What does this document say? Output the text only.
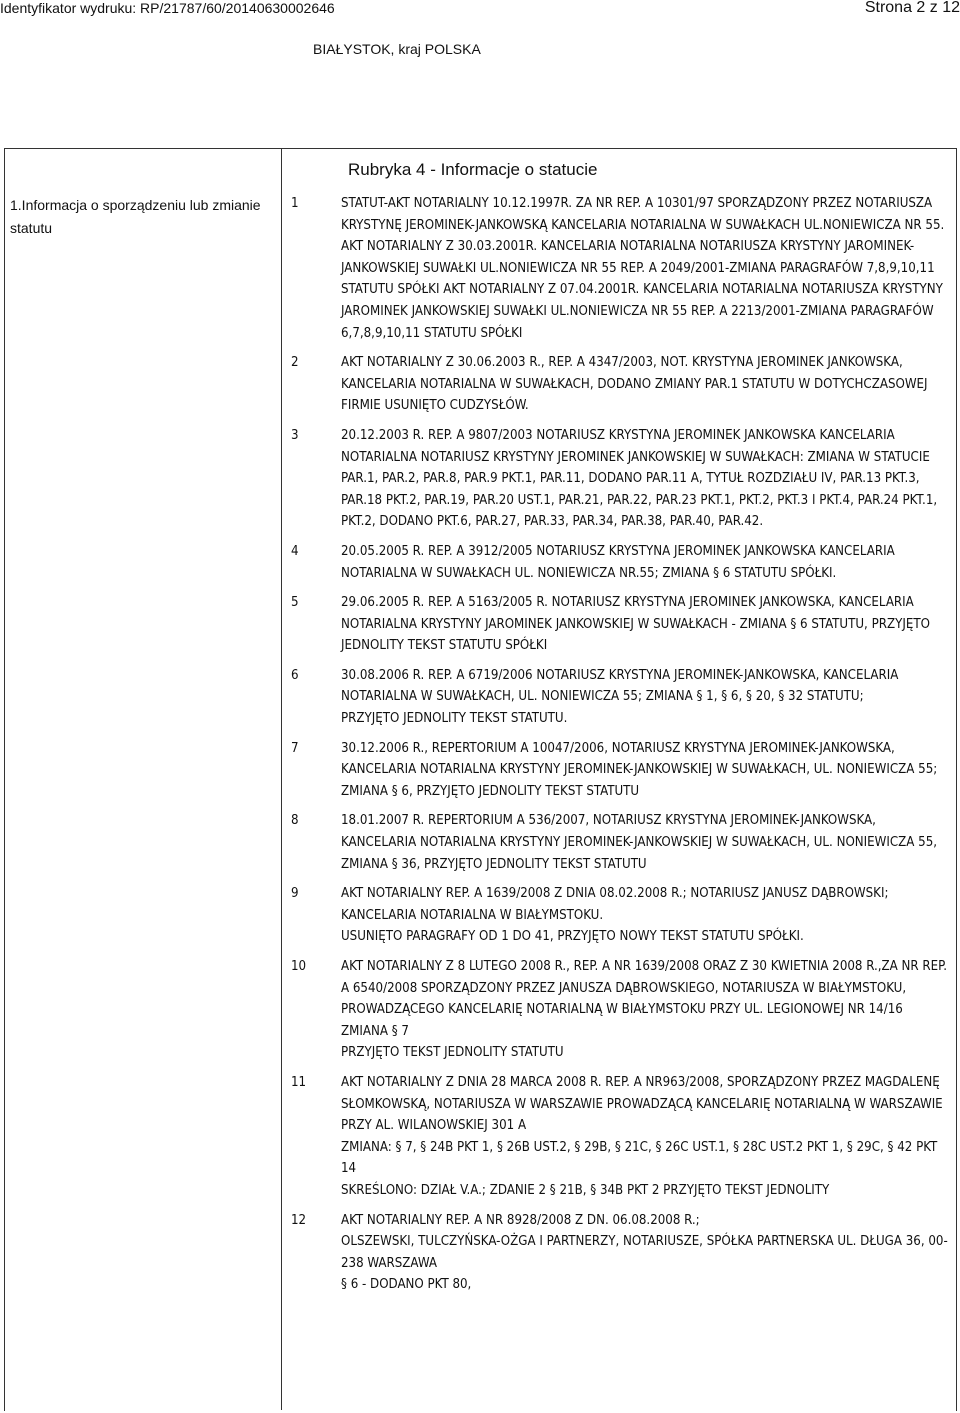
Identyfikator wydruku: RP/21787/60/20140630002646	Strona 2 z 12
BIAŁYSTOK, kraj POLSKA
Rubryka 4 - Informacje o statucie
1.Informacja o sporządzeniu lub zmianie statutu
1	STATUT-AKT NOTARIALNY 10.12.1997R. ZA NR REP. A 10301/97 SPORZĄDZONY PRZEZ NOTARIUSZA KRYSTYNĘ JEROMINEK-JANKOWSKĄ KANCELARIA NOTARIALNA W SUWAŁKACH UL.NONIEWICZA NR 55. AKT NOTARIALNY Z 30.03.2001R. KANCELARIA NOTARIALNA NOTARIUSZA KRYSTYNY JAROMINEK-JANKOWSKIEJ SUWAŁKI UL.NONIEWICZA NR 55 REP. A 2049/2001-ZMIANA PARAGRAFÓW 7,8,9,10,11 STATUTU SPÓŁKI AKT NOTARIALNY Z 07.04.2001R. KANCELARIA NOTARIALNA NOTARIUSZA KRYSTYNY JAROMINEK JANKOWSKIEJ SUWAŁKI UL.NONIEWICZA NR 55 REP. A 2213/2001-ZMIANA PARAGRAFÓW 6,7,8,9,10,11 STATUTU SPÓŁKI

2	AKT NOTARIALNY Z 30.06.2003 R., REP. A 4347/2003, NOT. KRYSTYNA JEROMINEK JANKOWSKA, KANCELARIA NOTARIALNA W SUWAŁKACH, DODANO ZMIANY PAR.1 STATUTU W DOTYCHCZASOWEJ FIRMIE USUNIĘTO CUDZYSŁÓW.

3	20.12.2003 R. REP. A 9807/2003 NOTARIUSZ KRYSTYNA JEROMINEK JANKOWSKA KANCELARIA NOTARIALNA NOTARIUSZ KRYSTYNY JEROMINEK JANKOWSKIEJ W SUWAŁKACH: ZMIANA W STATUCIE PAR.1, PAR.2, PAR.8, PAR.9 PKT.1, PAR.11, DODANO PAR.11 A, TYTUŁ ROZDZIAŁU IV, PAR.13 PKT.3, PAR.18 PKT.2, PAR.19, PAR.20 UST.1, PAR.21, PAR.22, PAR.23 PKT.1, PKT.2, PKT.3 I PKT.4, PAR.24 PKT.1, PKT.2, DODANO PKT.6, PAR.27, PAR.33, PAR.34, PAR.38, PAR.40, PAR.42.

4	20.05.2005 R. REP. A 3912/2005 NOTARIUSZ KRYSTYNA JEROMINEK JANKOWSKA KANCELARIA NOTARIALNA W SUWAŁKACH UL. NONIEWICZA NR.55; ZMIANA § 6 STATUTU SPÓŁKI.

5	29.06.2005 R. REP. A 5163/2005 R. NOTARIUSZ KRYSTYNA JEROMINEK JANKOWSKA, KANCELARIA NOTARIALNA KRYSTYNY JAROMINEK JANKOWSKIEJ W SUWAŁKACH - ZMIANA § 6 STATUTU, PRZYJĘTO JEDNOLITY TEKST STATUTU SPÓŁKI

6	30.08.2006 R. REP. A 6719/2006 NOTARIUSZ KRYSTYNA JEROMINEK-JANKOWSKA, KANCELARIA NOTARIALNA W SUWAŁKACH, UL. NONIEWICZA 55; ZMIANA § 1, § 6, § 20, § 32 STATUTU;

PRZYJĘTO JEDNOLITY TEKST STATUTU.

7	30.12.2006 R., REPERTORIUM A 10047/2006, NOTARIUSZ KRYSTYNA JEROMINEK-JANKOWSKA, KANCELARIA NOTARIALNA KRYSTYNY JEROMINEK-JANKOWSKIEJ W SUWAŁKACH, UL. NONIEWICZA 55; ZMIANA § 6, PRZYJĘTO JEDNOLITY TEKST STATUTU

8	18.01.2007 R. REPERTORIUM A 536/2007, NOTARIUSZ KRYSTYNA JEROMINEK-JANKOWSKA, KANCELARIA NOTARIALNA KRYSTYNY JEROMINEK-JANKOWSKIEJ W SUWAŁKACH, UL. NONIEWICZA 55, ZMIANA § 36, PRZYJĘTO JEDNOLITY TEKST STATUTU

9	AKT NOTARIALNY REP. A 1639/2008 Z DNIA 08.02.2008 R.; NOTARIUSZ JANUSZ DĄBROWSKI; KANCELARIA NOTARIALNA W BIAŁYMSTOKU.

USUNIĘTO PARAGRAFY OD 1 DO 41, PRZYJĘTO NOWY TEKST STATUTU SPÓŁKI.

10	AKT NOTARIALNY Z 8 LUTEGO 2008 R., REP. A NR 1639/2008 ORAZ Z 30 KWIETNIA 2008 R.,ZA NR REP. A 6540/2008 SPORZĄDZONY PRZEZ JANUSZA DĄBROWSKIEGO, NOTARIUSZA W BIAŁYMSTOKU, PROWADZĄCEGO KANCELARIĘ NOTARIALNĄ W BIAŁYMSTOKU PRZY UL. LEGIONOWEJ NR 14/16

ZMIANA § 7

PRZYJĘTO TEKST JEDNOLITY STATUTU

11	AKT NOTARIALNY Z DNIA 28 MARCA 2008 R. REP. A NR963/2008, SPORZĄDZONY PRZEZ MAGDALENĘ SŁOMKOWSKĄ, NOTARIUSZA W WARSZAWIE PROWADZĄCĄ KANCELARIĘ NOTARIALNĄ W WARSZAWIE PRZY AL. WILANOWSKIEJ 301 A

ZMIANA: § 7, § 24B PKT 1, § 26B UST.2, § 29B, § 21C, § 26C UST.1, § 28C UST.2 PKT 1, § 29C, § 42 PKT 14

SKREŚLONO: DZIAŁ V.A.; ZDANIE 2 § 21B, § 34B PKT 2 PRZYJĘTO TEKST JEDNOLITY

12	AKT NOTARIALNY REP. A NR 8928/2008 Z DN. 06.08.2008 R.;

OLSZEWSKI, TULCZYŃSKA-OŻGA I PARTNERZY, NOTARIUSZE, SPÓŁKA PARTNERSKA UL. DŁUGA 36, 00-238 WARSZAWA

§ 6 - DODANO PKT 80,
